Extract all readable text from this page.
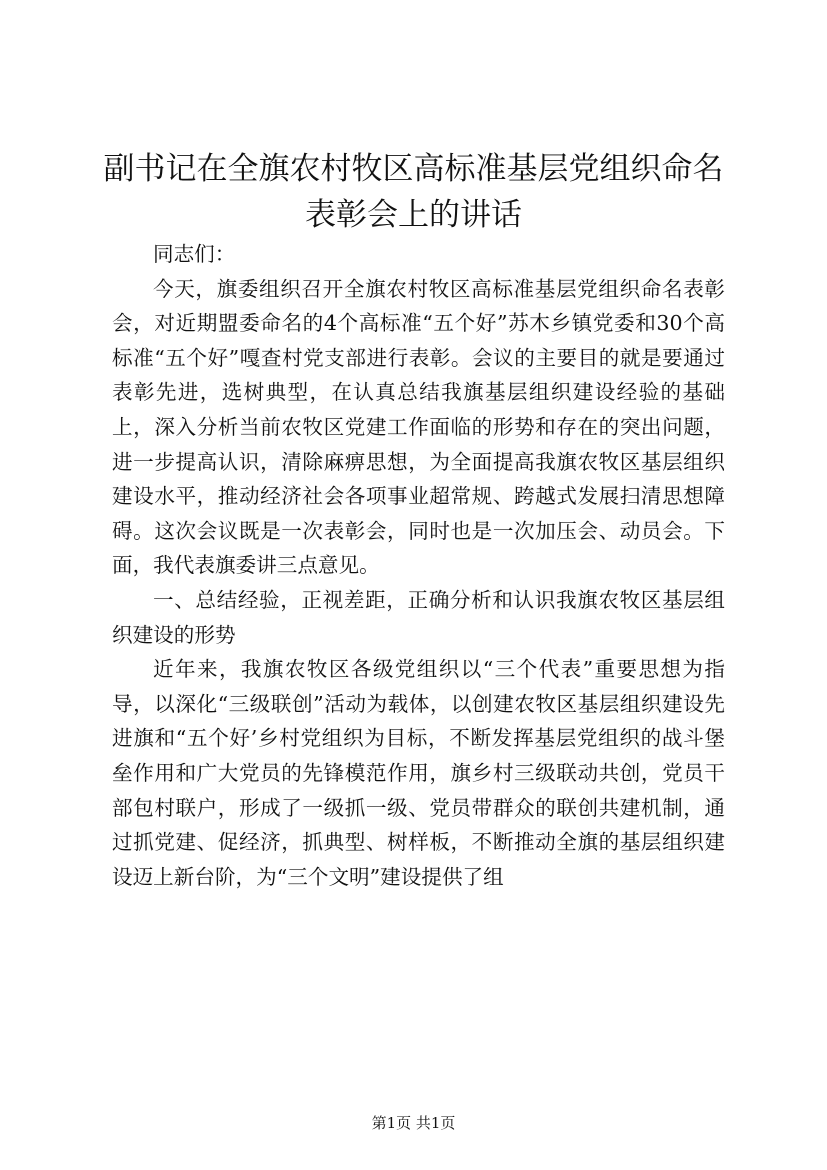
副书记在全旗农村牧区高标准基层党组织命名表彰会上的讲话

同志们：

今天，旗委组织召开全旗农村牧区高标准基层党组织命名表彰会，对近期盟委命名的4个高标准“五个好”苏木乡镇党委和30个高标准“五个好”嘎查村党支部进行表彰。会议的主要目的就是要通过表彰先进，选树典型，在认真总结我旗基层组织建设经验的基础上，深入分析当前农牧区党建工作面临的形势和存在的突出问题，进一步提高认识，清除麻痹思想，为全面提高我旗农牧区基层组织建设水平，推动经济社会各项事业超常规、跨越式发展扫清思想障碍。这次会议既是一次表彰会，同时也是一次加压会、动员会。下面，我代表旗委讲三点意见。

一、总结经验，正视差距，正确分析和认识我旗农牧区基层组织建设的形势

近年来，我旗农牧区各级党组织以“三个代表”重要思想为指导，以深化“三级联创”活动为载体，以创建农牧区基层组织建设先进旗和“五个好’乡村党组织为目标，不断发挥基层党组织的战斗堡垒作用和广大党员的先锋模范作用，旗乡村三级联动共创，党员干部包村联户，形成了一级抓一级、党员带群众的联创共建机制，通过抓党建、促经济，抓典型、树样板，不断推动全旗的基层组织建设迈上新台阶，为“三个文明”建设提供了组

第1页 共1页
